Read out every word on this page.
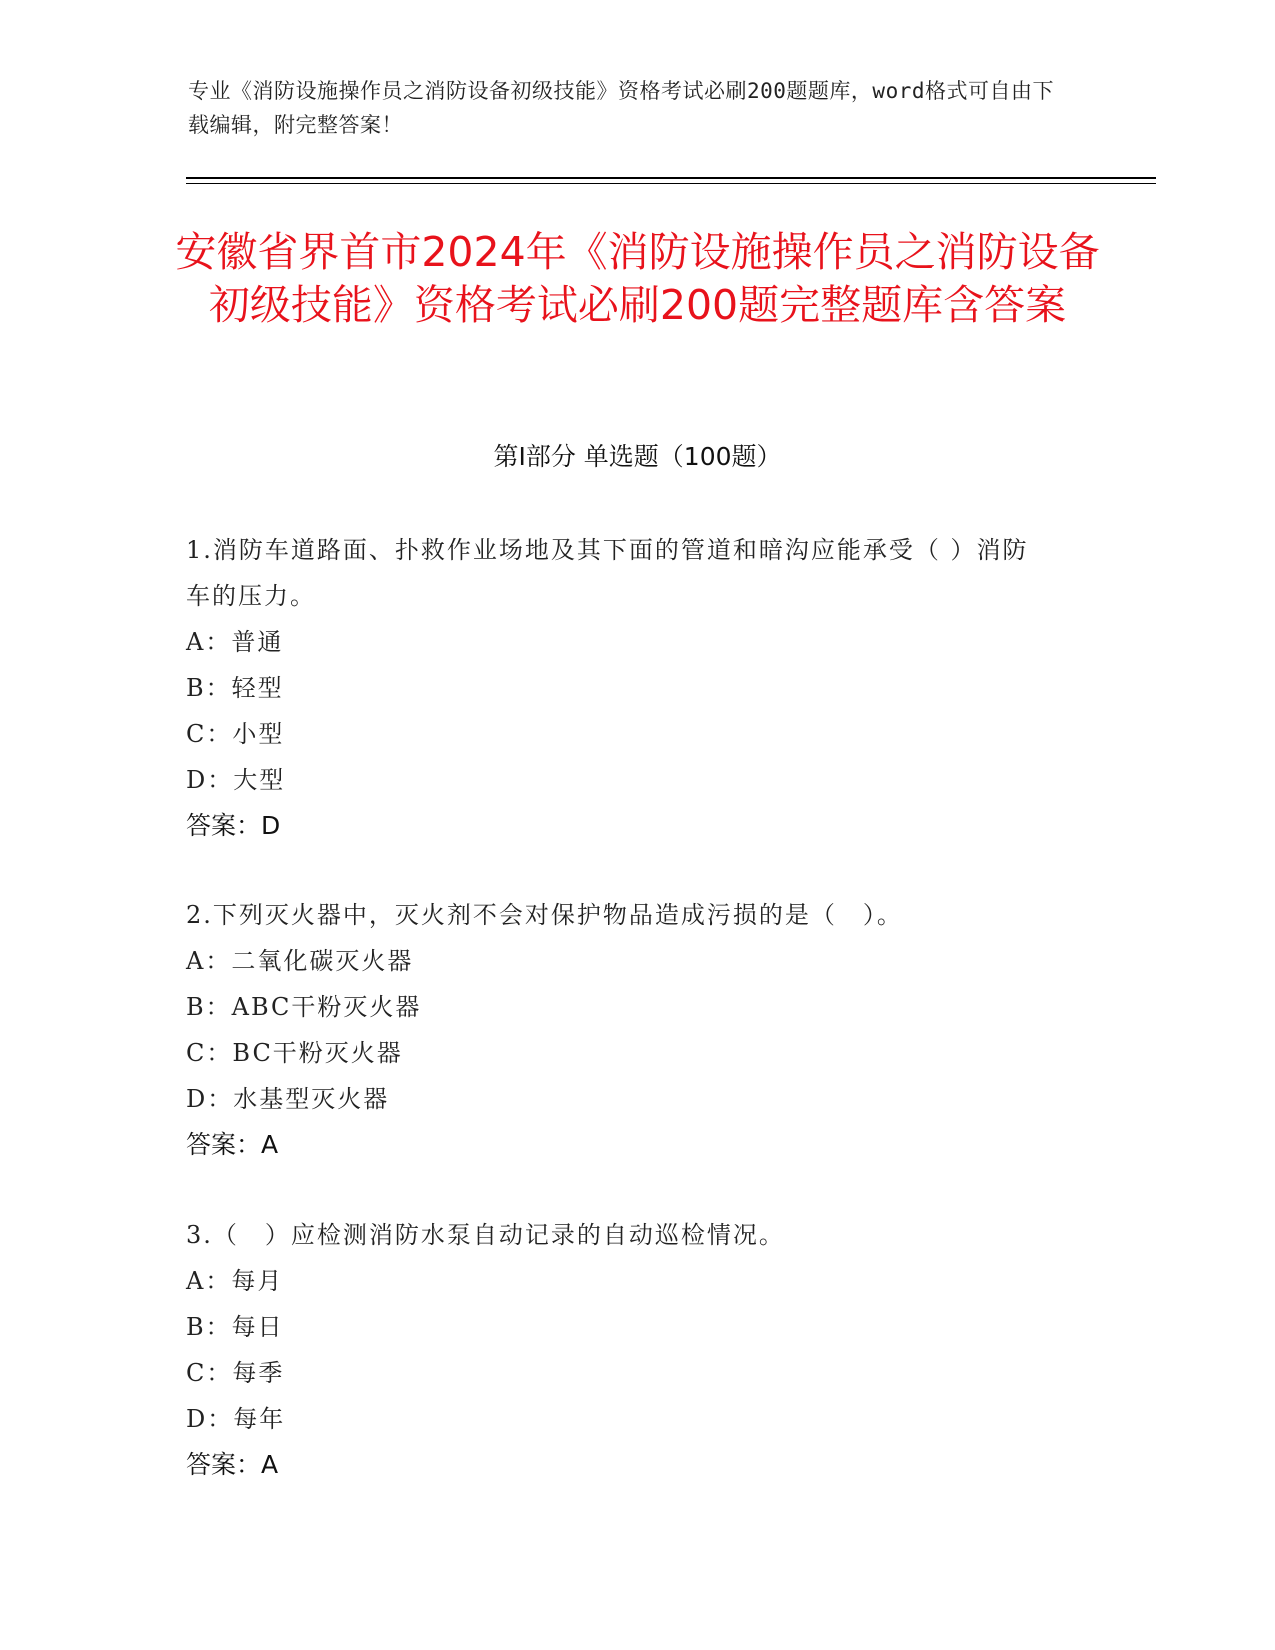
专业《消防设施操作员之消防设备初级技能》资格考试必刷200题题库，word格式可自由下载编辑，附完整答案！
安徽省界首市2024年《消防设施操作员之消防设备初级技能》资格考试必刷200题完整题库含答案
第Ⅰ部分 单选题（100题）
1.消防车道路面、扑救作业场地及其下面的管道和暗沟应能承受（ ）消防车的压力。
A：普通
B：轻型
C：小型
D：大型
答案：D
2.下列灭火器中，灭火剂不会对保护物品造成污损的是（　）。
A：二氧化碳灭火器
B：ABC干粉灭火器
C：BC干粉灭火器
D：水基型灭火器
答案：A
3.（　）应检测消防水泵自动记录的自动巡检情况。
A：每月
B：每日
C：每季
D：每年
答案：A
